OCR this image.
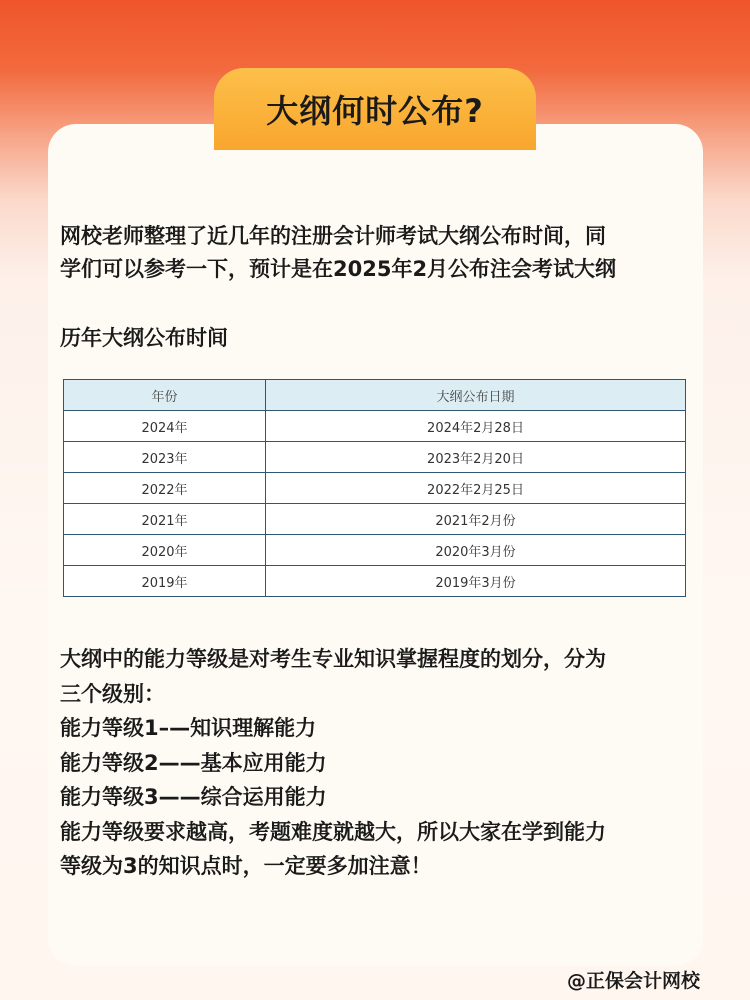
大纲何时公布?

网校老师整理了近几年的注册会计师考试大纲公布时间，同

学们可以参考一下，预计是在2025年2月公布注会考试大纲

历年大纲公布时间
年份	大纲公布日期
2024年	2024年2月28日
2023年	2023年2月20日
2022年	2022年2月25日
2021年	2021年2月份
2020年	2020年3月份
2019年	2019年3月份

大纲中的能力等级是对考生专业知识掌握程度的划分，分为

三个级别：

能力等级1–—知识理解能力

能力等级2——基本应用能力

能力等级3——综合运用能力

能力等级要求越高，考题难度就越大，所以大家在学到能力

等级为3的知识点时，一定要多加注意！

@正保会计网校
